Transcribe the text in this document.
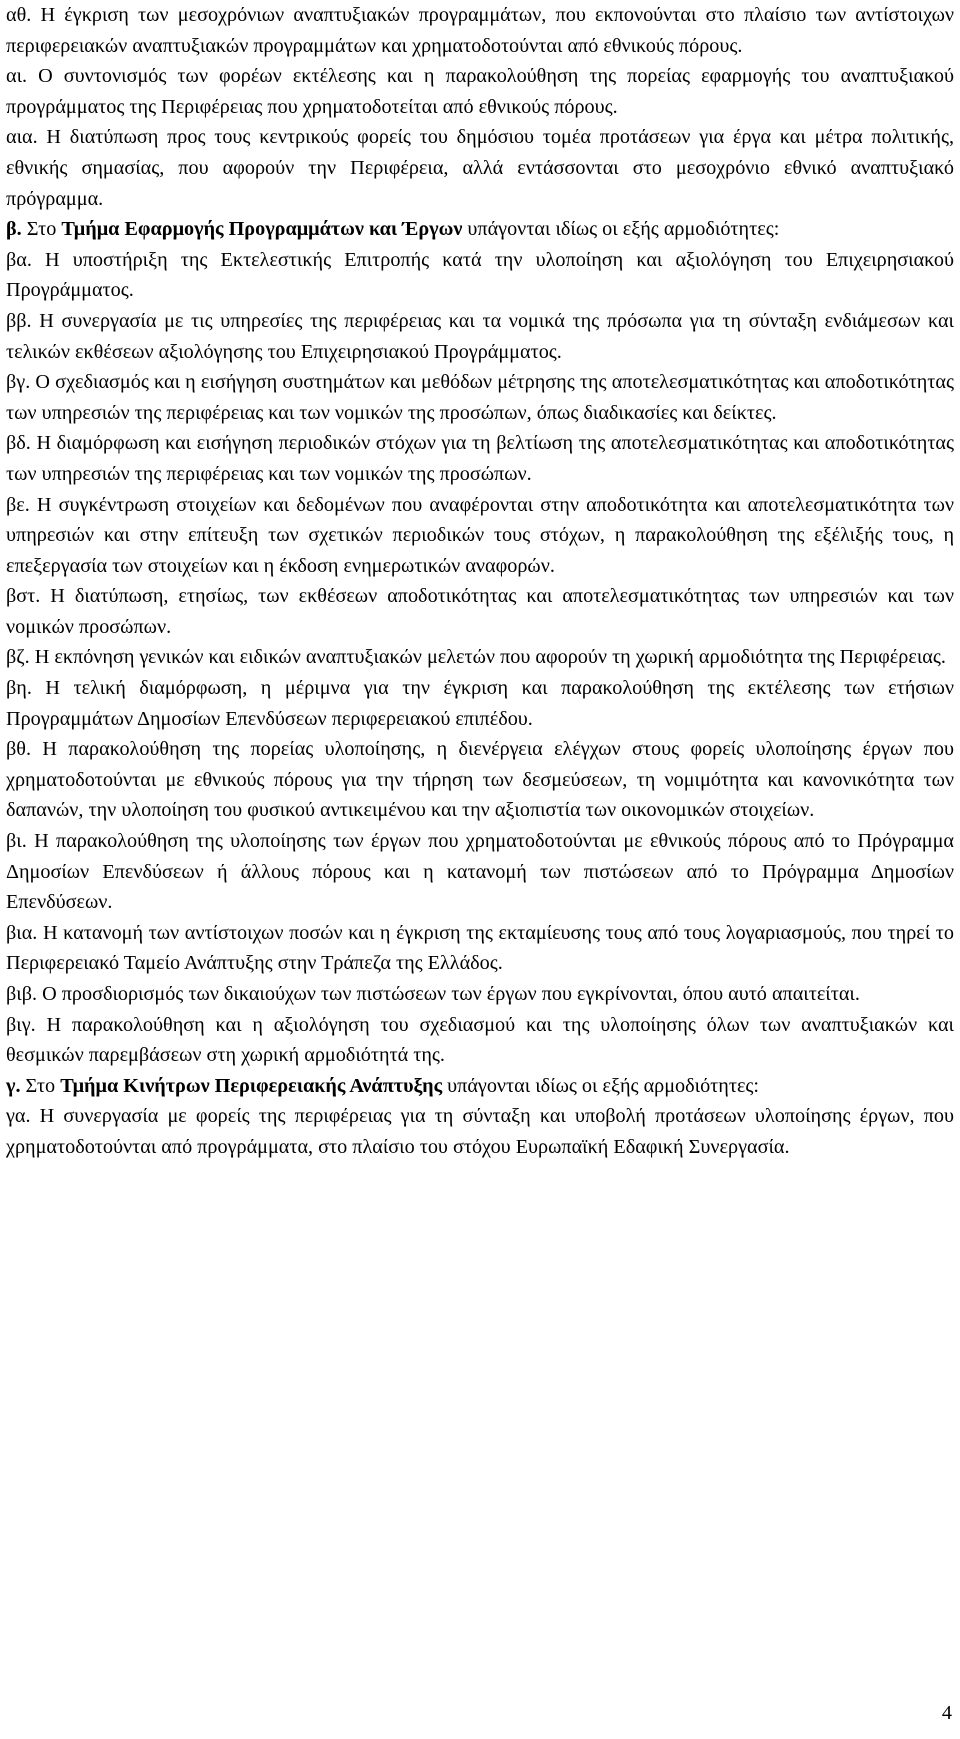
αθ. Η έγκριση των μεσοχρόνιων αναπτυξιακών προγραμμάτων, που εκπονούνται στο πλαίσιο των αντίστοιχων περιφερειακών αναπτυξιακών προγραμμάτων και χρηματοδοτούνται από εθνικούς πόρους.

αι. Ο συντονισμός των φορέων εκτέλεσης και η παρακολούθηση της πορείας εφαρμογής του αναπτυξιακού προγράμματος της Περιφέρειας που χρηματοδοτείται από εθνικούς πόρους.

αια. Η διατύπωση προς τους κεντρικούς φορείς του δημόσιου τομέα προτάσεων για έργα και μέτρα πολιτικής, εθνικής σημασίας, που αφορούν την Περιφέρεια, αλλά εντάσσονται στο μεσοχρόνιο εθνικό αναπτυξιακό πρόγραμμα.

β. Στο Τμήμα Εφαρμογής Προγραμμάτων και Έργων υπάγονται ιδίως οι εξής αρμοδιότητες:

βα. Η υποστήριξη της Εκτελεστικής Επιτροπής κατά την υλοποίηση και αξιολόγηση του Επιχειρησιακού Προγράμματος.

ββ. Η συνεργασία με τις υπηρεσίες της περιφέρειας και τα νομικά της πρόσωπα για τη σύνταξη ενδιάμεσων και τελικών εκθέσεων αξιολόγησης του Επιχειρησιακού Προγράμματος.

βγ. Ο σχεδιασμός και η εισήγηση συστημάτων και μεθόδων μέτρησης της αποτελεσματικότητας και αποδοτικότητας των υπηρεσιών της περιφέρειας και των νομικών της προσώπων, όπως διαδικασίες και δείκτες.

βδ. Η διαμόρφωση και εισήγηση περιοδικών στόχων για τη βελτίωση της αποτελεσματικότητας και αποδοτικότητας των υπηρεσιών της περιφέρειας και των νομικών της προσώπων.

βε. Η συγκέντρωση στοιχείων και δεδομένων που αναφέρονται στην αποδοτικότητα και αποτελεσματικότητα των υπηρεσιών και στην επίτευξη των σχετικών περιοδικών τους στόχων, η παρακολούθηση της εξέλιξής τους, η επεξεργασία των στοιχείων και η έκδοση ενημερωτικών αναφορών.

βστ. Η διατύπωση, ετησίως, των εκθέσεων αποδοτικότητας και αποτελεσματικότητας των υπηρεσιών και των νομικών προσώπων.

βζ. Η εκπόνηση γενικών και ειδικών αναπτυξιακών μελετών που αφορούν τη χωρική αρμοδιότητα της Περιφέρειας.

βη. Η τελική διαμόρφωση, η μέριμνα για την έγκριση και παρακολούθηση της εκτέλεσης των ετήσιων Προγραμμάτων Δημοσίων Επενδύσεων περιφερειακού επιπέδου.

βθ. Η παρακολούθηση της πορείας υλοποίησης, η διενέργεια ελέγχων στους φορείς υλοποίησης έργων που χρηματοδοτούνται με εθνικούς πόρους για την τήρηση των δεσμεύσεων, τη νομιμότητα και κανονικότητα των δαπανών, την υλοποίηση του φυσικού αντικειμένου και την αξιοπιστία των οικονομικών στοιχείων.

βι. Η παρακολούθηση της υλοποίησης των έργων που χρηματοδοτούνται με εθνικούς πόρους από το Πρόγραμμα Δημοσίων Επενδύσεων ή άλλους πόρους και η κατανομή των πιστώσεων από το Πρόγραμμα Δημοσίων Επενδύσεων.

βια. Η κατανομή των αντίστοιχων ποσών και η έγκριση της εκταμίευσης τους από τους λογαριασμούς, που τηρεί το Περιφερειακό Ταμείο Ανάπτυξης στην Τράπεζα της Ελλάδος.

βιβ. Ο προσδιορισμός των δικαιούχων των πιστώσεων των έργων που εγκρίνονται, όπου αυτό απαιτείται.

βιγ. Η παρακολούθηση και η αξιολόγηση του σχεδιασμού και της υλοποίησης όλων των αναπτυξιακών και θεσμικών παρεμβάσεων στη χωρική αρμοδιότητά της.

γ. Στο Τμήμα Κινήτρων Περιφερειακής Ανάπτυξης υπάγονται ιδίως οι εξής αρμοδιότητες:

γα. Η συνεργασία με φορείς της περιφέρειας για τη σύνταξη και υποβολή προτάσεων υλοποίησης έργων, που χρηματοδοτούνται από προγράμματα, στο πλαίσιο του στόχου Ευρωπαϊκή Εδαφική Συνεργασία.

4
